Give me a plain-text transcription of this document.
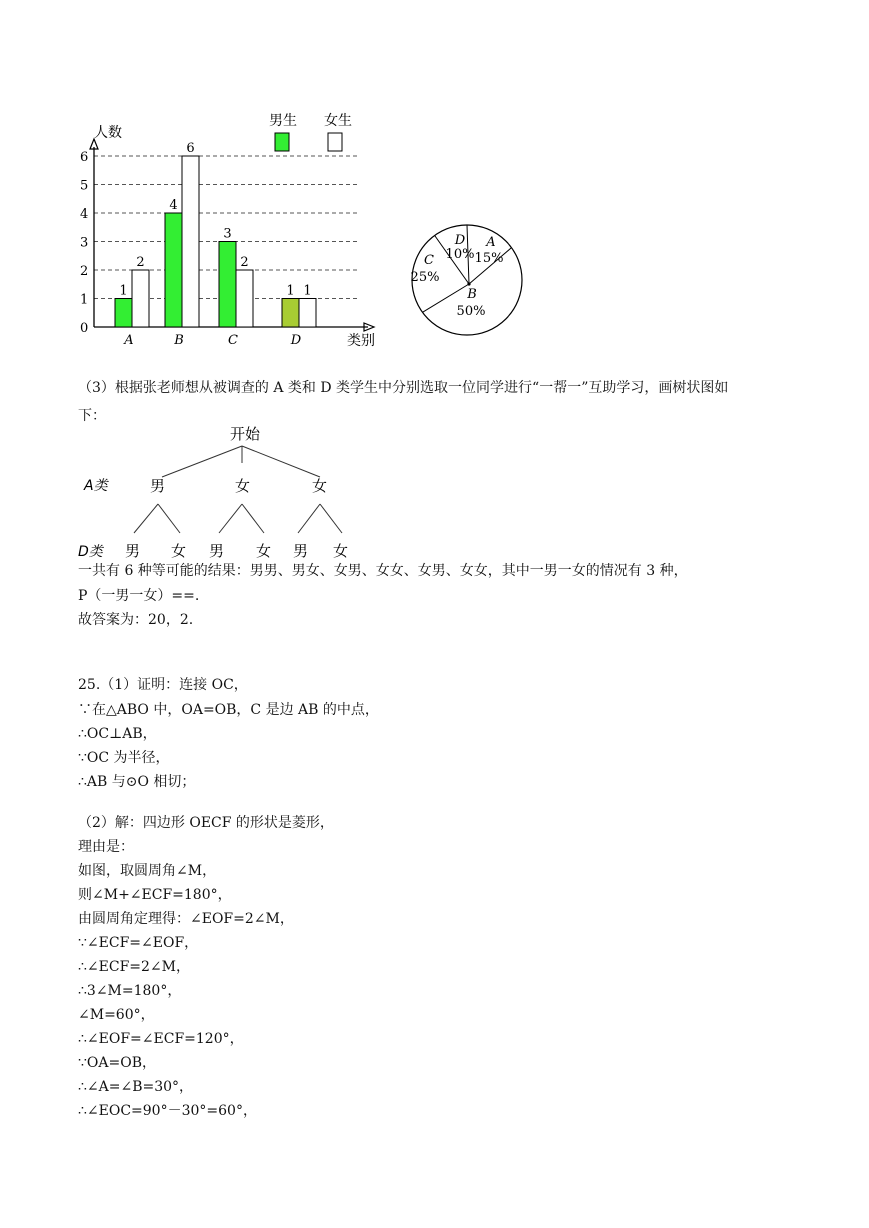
人数
类别
0
1
2
3
4
5
6
1
2
4
6
3
2
1 1
A	B	C	D
男生 女生
A
15%
B
50%
C
25%
D
10%
（3）根据张老师想从被调查的 A 类和 D 类学生中分别选取一位同学进行“一帮一”互助学习，画树状图如
下：
开始
A类	男	女	女
D类 男 女 男 女 男 女
一共有 6 种等可能的结果：男男、男女、女男、女女、女男、女女，其中一男一女的情况有 3 种，
P（一男一女）==.
故答案为：20，2.
25.（1）证明：连接 OC，
∵在△ABO 中，OA=OB，C 是边 AB 的中点，
∴OC⊥AB，
∵OC 为半径，
∴AB 与⊙O 相切；
（2）解：四边形 OECF 的形状是菱形，
理由是：
如图，取圆周角∠M，
则∠M+∠ECF=180°，
由圆周角定理得：∠EOF=2∠M，
∵∠ECF=∠EOF，
∴∠ECF=2∠M，
∴3∠M=180°，
∠M=60°，
∴∠EOF=∠ECF=120°，
∵OA=OB，
∴∠A=∠B=30°，
∴∠EOC=90°－30°=60°，
